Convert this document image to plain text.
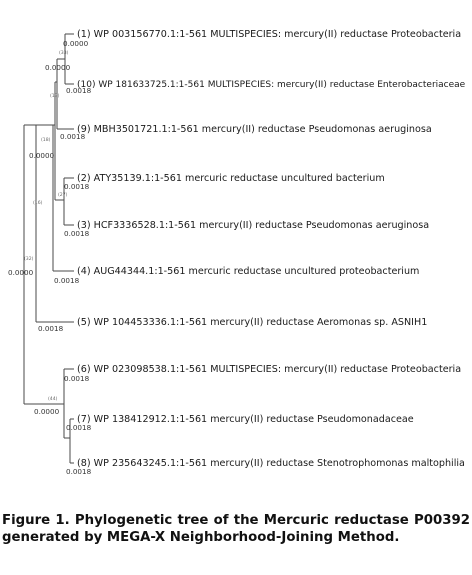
(1) WP 003156770.1:1-561 MULTISPECIES: mercury(II) reductase Proteobacteria
(10) WP 181633725.1:1-561 MULTISPECIES: mercury(II) reductase Enterobacteriaceae
(9) MBH3501721.1:1-561 mercury(II) reductase Pseudomonas aeruginosa
(2) ATY35139.1:1-561 mercuric reductase uncultured bacterium
(3) HCF3336528.1:1-561 mercury(II) reductase Pseudomonas aeruginosa
(4) AUG44344.1:1-561 mercuric reductase uncultured proteobacterium
(5) WP 104453336.1:1-561 mercury(II) reductase Aeromonas sp. ASNIH1
(6) WP 023098538.1:1-561 MULTISPECIES: mercury(II) reductase Proteobacteria
(7) WP 138412912.1:1-561 mercury(II) reductase Pseudomonadaceae
(8) WP 235643245.1:1-561 mercury(II) reductase Stenotrophomonas maltophilia
0.0000
0.0000
0.0018
0.0018
0.0000
0.0018
0.0018
0.0000
0.0018
0.0018
0.0018
0.0000
0.0018
0.0018
(33)
(13)
(18)
(27)
(16)
(32)
(44)
Figure 1. Phylogenetic tree of the Mercuric reductase P00392 generated by MEGA-X Neighborhood-Joining Method.
